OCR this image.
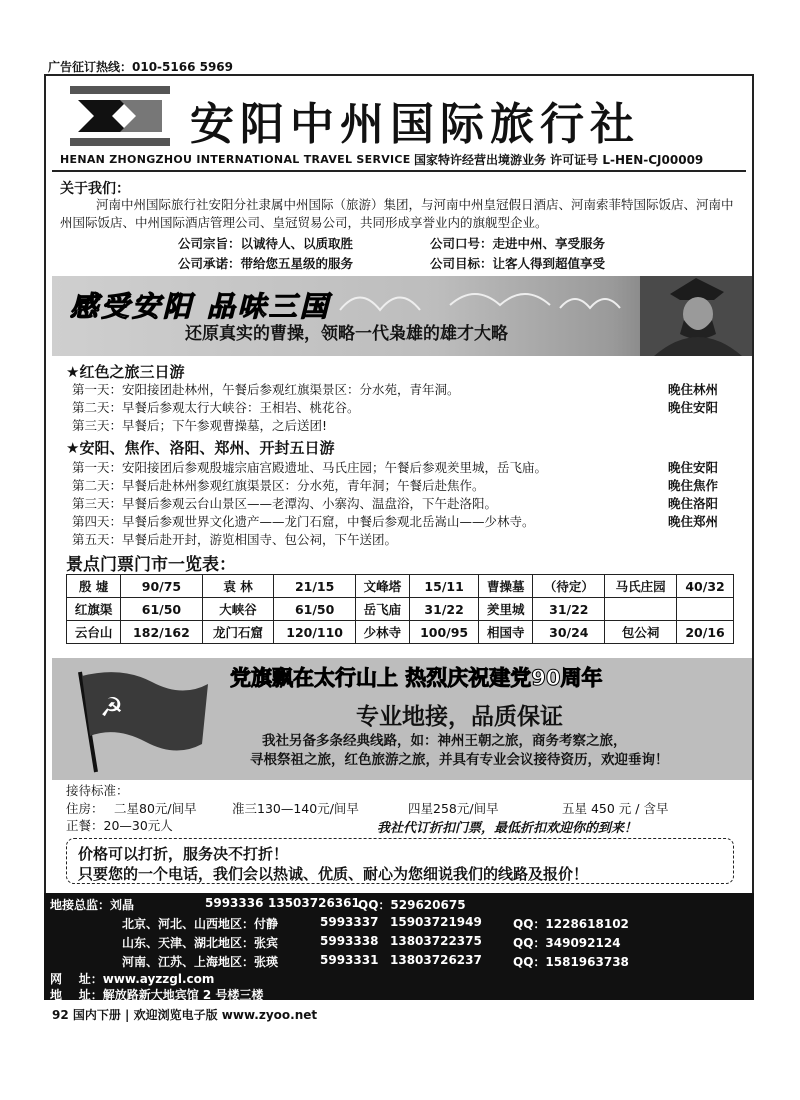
广告征订热线：010-5166 5969
安阳中州国际旅行社
HENAN ZHONGZHOU INTERNATIONAL TRAVEL SERVICE 国家特许经营出境游业务 许可证号 L-HEN-CJ00009
关于我们：
河南中州国际旅行社安阳分社隶属中州国际（旅游）集团，与河南中州皇冠假日酒店、河南索菲特国际饭店、河南中州国际饭店、中州国际酒店管理公司、皇冠贸易公司，共同形成享誉业内的旗舰型企业。
公司宗旨：以诚待人、以质取胜	公司口号：走进中州、享受服务
公司承诺：带给您五星级的服务	公司目标：让客人得到超值享受
感受安阳 品味三国
还原真实的曹操，领略一代枭雄的雄才大略
★红色之旅三日游
第一天：安阳接团赴林州，午餐后参观红旗渠景区：分水苑，青年洞。	晚住林州
第二天：早餐后参观太行大峡谷：王相岩、桃花谷。	晚住安阳
第三天：早餐后；下午参观曹操墓，之后送团!
★安阳、焦作、洛阳、郑州、开封五日游
第一天：安阳接团后参观殷墟宗庙宫殿遗址、马氏庄园；午餐后参观羑里城，岳飞庙。	晚住安阳
第二天：早餐后赴林州参观红旗渠景区：分水苑，青年洞；午餐后赴焦作。	晚住焦作
第三天：早餐后参观云台山景区——老潭沟、小寨沟、温盘浴，下午赴洛阳。	晚住洛阳
第四天：早餐后参观世界文化遗产——龙门石窟，中餐后参观北岳嵩山——少林寺。	晚住郑州
第五天：早餐后赴开封，游览相国寺、包公祠，下午送团。
景点门票门市一览表：
殷 墟	90/75	袁 林	21/15	文峰塔	15/11	曹操墓	（待定）	马氏庄园	40/32
红旗渠	61/50	大峡谷	61/50	岳飞庙	31/22	羑里城	31/22		
云台山	182/162	龙门石窟	120/110	少林寺	100/95	相国寺	30/24	包公祠	20/16
☭
党旗飘在太行山上 热烈庆祝建党90周年
专业地接，品质保证
我社另备多条经典线路，如：神州王朝之旅，商务考察之旅，
寻根祭祖之旅，红色旅游之旅，并具有专业会议接待资历，欢迎垂询！
接待标准：
住房： 二星80元/间早	准三130—140元/间早	四星258元/间早	五星 450 元 / 含早
正餐：20—30元人	我社代订折扣门票，最低折扣欢迎你的到来！
价格可以打折，服务决不打折！
只要您的一个电话，我们会以热诚、优质、耐心为您细说我们的线路及报价！
地接总监：刘晶	5993336 13503726361
QQ：529620675
北京、河北、山西地区：付静	5993337 15903721949	QQ：1228618102
山东、天津、湖北地区：张宾	5993338 13803722375	QQ：349092124
河南、江苏、上海地区：张瑛	5993331 13803726237	QQ：1581963738
网    址：www.ayzzgl.com
地    址：解放路新大地宾馆 2 号楼三楼
92 国内下册 | 欢迎浏览电子版 www.zyoo.net
